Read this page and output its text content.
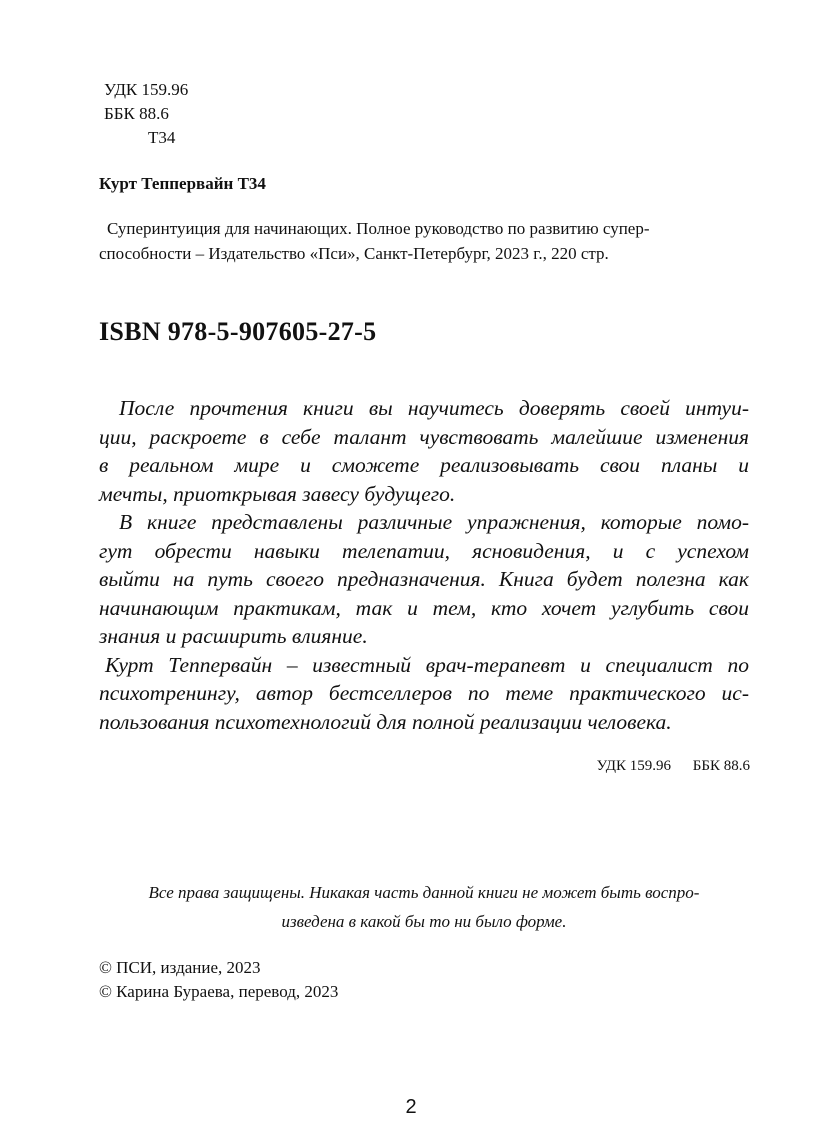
УДК 159.96
ББК 88.6
Т34
Курт Теппервайн Т34
Суперинтуиция для начинающих. Полное руководство по развитию супер-
способности – Издательство «Пси», Санкт-Петербург, 2023 г., 220 стр.
ISBN 978-5-907605-27-5
После прочтения книги вы научитесь доверять своей интуи-
ции, раскроете в себе талант чувствовать малейшие изменения
в реальном мире и сможете реализовывать свои планы и
мечты, приоткрывая завесу будущего.
В книге представлены различные упражнения, которые помо-
гут обрести навыки телепатии, ясновидения, и с успехом
выйти на путь своего предназначения. Книга будет полезна как
начинающим практикам, так и тем, кто хочет углубить свои
знания и расширить влияние.
Курт Теппервайн – известный врач-терапевт и специалист по
психотренингу, автор бестселлеров по теме практического ис-
пользования психотехнологий для полной реализации человека.
УДК 159.96 ББК 88.6
Все права защищены. Никакая часть данной книги не может быть воспро-
изведена в какой бы то ни было форме.
© ПСИ, издание, 2023
© Карина Бураева, перевод, 2023
2
